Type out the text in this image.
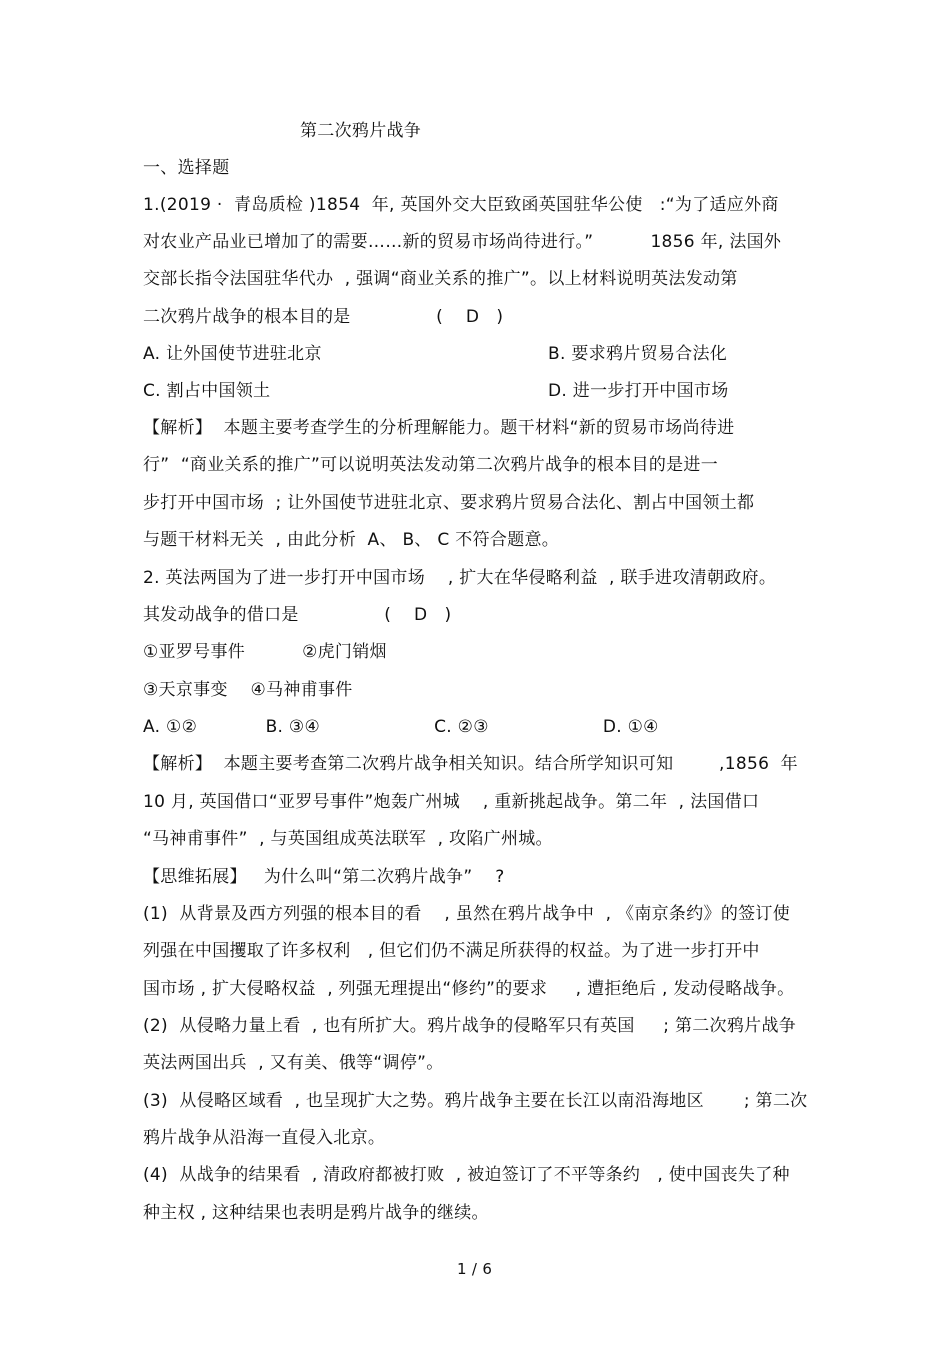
第二次鸦片战争
一、选择题
1.(2019 ·  青岛质检 )1854  年, 英国外交大臣致函英国驻华公使   :“为了适应外商
对农业产品业已增加了的需要……新的贸易市场尚待进行。”          1856 年, 法国外
交部长指令法国驻华代办  , 强调“商业关系的推广”。以上材料说明英法发动第
二次鸦片战争的根本目的是               (    D   )
A. 让外国使节进驻北京	B. 要求鸦片贸易合法化
C. 割占中国领土	D. 进一步打开中国市场
【解析】  本题主要考查学生的分析理解能力。题干材料“新的贸易市场尚待进
行”  “商业关系的推广”可以说明英法发动第二次鸦片战争的根本目的是进一
步打开中国市场  ; 让外国使节进驻北京、要求鸦片贸易合法化、割占中国领土都
与题干材料无关  , 由此分析  A、 B、 C 不符合题意。
2. 英法两国为了进一步打开中国市场    , 扩大在华侵略利益  , 联手进攻清朝政府。
其发动战争的借口是               (    D   )
①亚罗号事件          ②虎门销烟
③天京事变    ④马神甫事件
A. ①②            B. ③④                    C. ②③                    D. ①④
【解析】  本题主要考查第二次鸦片战争相关知识。结合所学知识可知        ,1856  年
10 月, 英国借口“亚罗号事件”炮轰广州城    , 重新挑起战争。第二年  , 法国借口
“马神甫事件”  , 与英国组成英法联军  , 攻陷广州城。
【思维拓展】   为什么叫“第二次鸦片战争”    ?
(1)  从背景及西方列强的根本目的看    , 虽然在鸦片战争中  , 《南京条约》的签订使
列强在中国攫取了许多权利   , 但它们仍不满足所获得的权益。为了进一步打开中
国市场 , 扩大侵略权益  , 列强无理提出“修约”的要求     , 遭拒绝后 , 发动侵略战争。
(2)  从侵略力量上看  , 也有所扩大。鸦片战争的侵略军只有英国     ; 第二次鸦片战争
英法两国出兵  , 又有美、俄等“调停”。
(3)  从侵略区域看  , 也呈现扩大之势。鸦片战争主要在长江以南沿海地区       ; 第二次
鸦片战争从沿海一直侵入北京。
(4)  从战争的结果看  , 清政府都被打败  , 被迫签订了不平等条约   , 使中国丧失了种
种主权 , 这种结果也表明是鸦片战争的继续。
1 / 6
